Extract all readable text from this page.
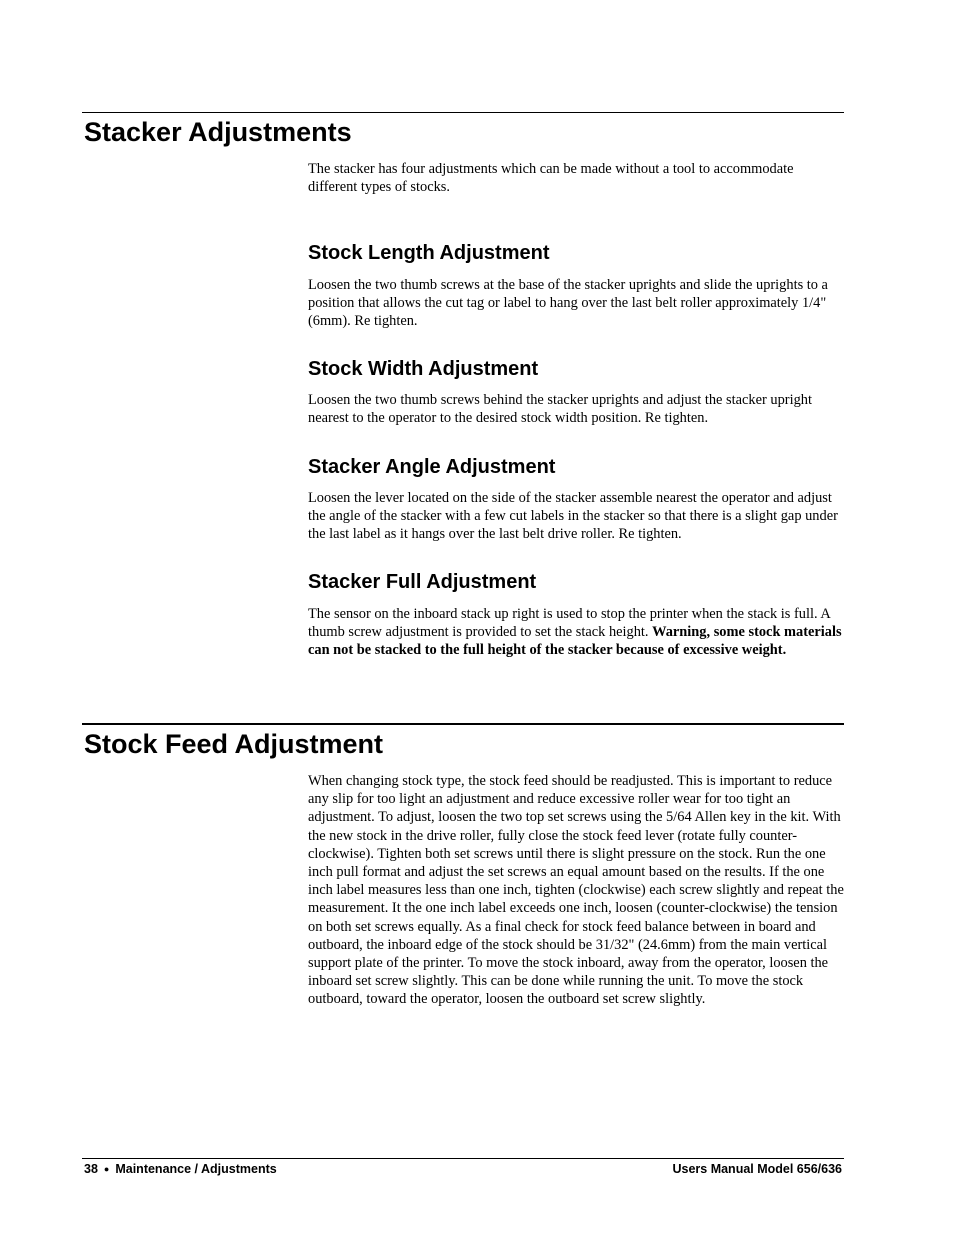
Stacker Adjustments

The stacker has four adjustments which can be made without a tool to accommodate different types of stocks.

Stock Length Adjustment

Loosen the two thumb screws at the base of the stacker uprights and slide the uprights to a position that allows the cut tag or label to hang over the last belt roller approximately 1/4" (6mm). Re tighten.

Stock Width Adjustment

Loosen the two thumb screws behind the stacker uprights and adjust the stacker upright nearest to the operator to the desired stock width position. Re tighten.

Stacker Angle Adjustment

Loosen the lever located on the side of the stacker assemble nearest the operator and adjust the angle of the stacker with a few cut labels in the stacker so that there is a slight gap under the last label as it hangs over the last belt drive roller. Re tighten.

Stacker Full Adjustment

The sensor on the inboard stack up right is used to stop the printer when the stack is full. A thumb screw adjustment is provided to set the stack height. Warning, some stock materials can not be stacked to the full height of the stacker because of excessive weight.

Stock Feed Adjustment

When changing stock type, the stock feed should be readjusted. This is important to reduce any slip for too light an adjustment and reduce excessive roller wear for too tight an adjustment. To adjust, loosen the two top set screws using the 5/64 Allen key in the kit. With the new stock in the drive roller, fully close the stock feed lever (rotate fully counter-clockwise). Tighten both set screws until there is slight pressure on the stock. Run the one inch pull format and adjust the set screws an equal amount based on the results. If the one inch label measures less than one inch, tighten (clockwise) each screw slightly and repeat the measurement. It the one inch label exceeds one inch, loosen (counter-clockwise) the tension on both set screws equally. As a final check for stock feed balance between in board and outboard, the inboard edge of the stock should be 31/32" (24.6mm) from the main vertical support plate of the printer. To move the stock inboard, away from the operator, loosen the inboard set screw slightly. This can be done while running the unit. To move the stock outboard, toward the operator, loosen the outboard set screw slightly.

38 ● Maintenance / Adjustments	Users Manual Model 656/636
